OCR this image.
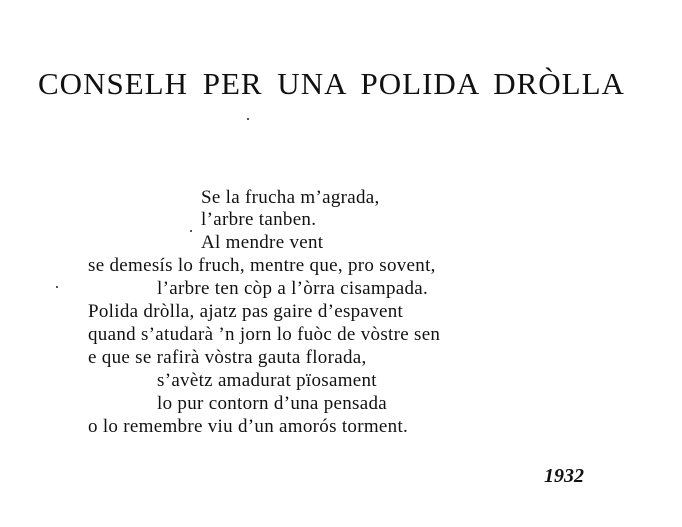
CONSELH PER UNA POLIDA DRÒLLA
Se la frucha m’agrada,
l’arbre tanben.
Al mendre vent
se demesís lo fruch, mentre que, pro sovent,
l’arbre ten còp a l’òrra cisampada.
Polida dròlla, ajatz pas gaire d’espavent
quand s’atudarà ’n jorn lo fuòc de vòstre sen
e que se rafirà vòstra gauta florada,
s’avètz amadurat pïosament
lo pur contorn d’una pensada
o lo remembre viu d’un amorós torment.
1932
